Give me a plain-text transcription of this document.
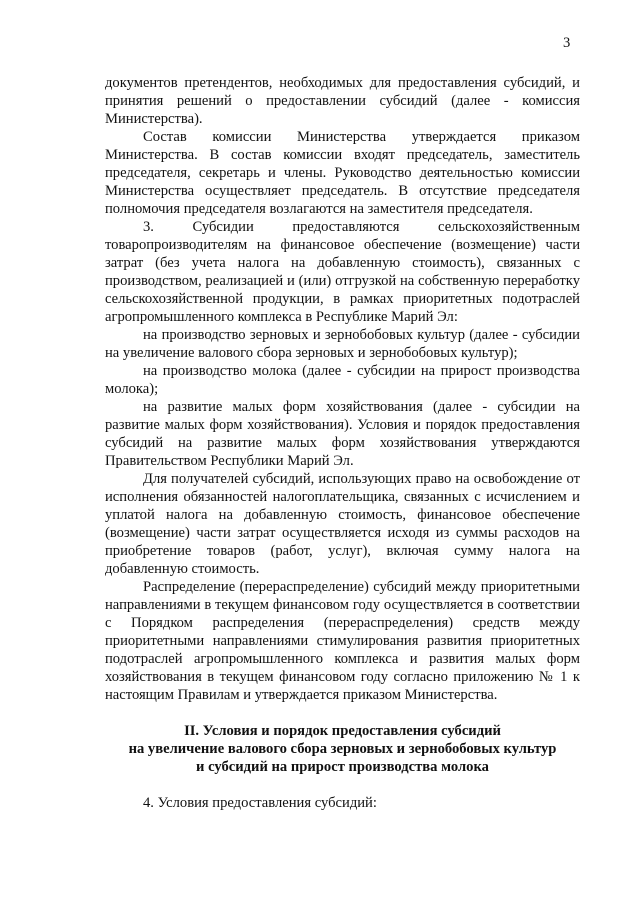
3

документов претендентов, необходимых для предоставления субсидий, и принятия решений о предоставлении субсидий (далее - комиссия Министерства).

Состав комиссии Министерства утверждается приказом Министерства. В состав комиссии входят председатель, заместитель председателя, секретарь и члены. Руководство деятельностью комиссии Министерства осуществляет председатель. В отсутствие председателя полномочия председателя возлагаются на заместителя председателя.

3. Субсидии предоставляются сельскохозяйственным товаропроизводителям на финансовое обеспечение (возмещение) части затрат (без учета налога на добавленную стоимость), связанных с производством, реализацией и (или) отгрузкой на собственную переработку сельскохозяйственной продукции, в рамках приоритетных подотраслей агропромышленного комплекса в Республике Марий Эл:

на производство зерновых и зернобобовых культур (далее - субсидии на увеличение валового сбора зерновых и зернобобовых культур);

на производство молока (далее - субсидии на прирост производства молока);

на развитие малых форм хозяйствования (далее - субсидии на развитие малых форм хозяйствования). Условия и порядок предоставления субсидий на развитие малых форм хозяйствования утверждаются Правительством Республики Марий Эл.

Для получателей субсидий, использующих право на освобождение от исполнения обязанностей налогоплательщика, связанных с исчислением и уплатой налога на добавленную стоимость, финансовое обеспечение (возмещение) части затрат осуществляется исходя из суммы расходов на приобретение товаров (работ, услуг), включая сумму налога на добавленную стоимость.

Распределение (перераспределение) субсидий между приоритетными направлениями в текущем финансовом году осуществляется в соответствии с Порядком распределения (перераспределения) средств между приоритетными направлениями стимулирования развития приоритетных подотраслей агропромышленного комплекса и развития малых форм хозяйствования в текущем финансовом году согласно приложению № 1 к настоящим Правилам и утверждается приказом Министерства.

II. Условия и порядок предоставления субсидий
на увеличение валового сбора зерновых и зернобобовых культур
и субсидий на прирост производства молока

4. Условия предоставления субсидий:
